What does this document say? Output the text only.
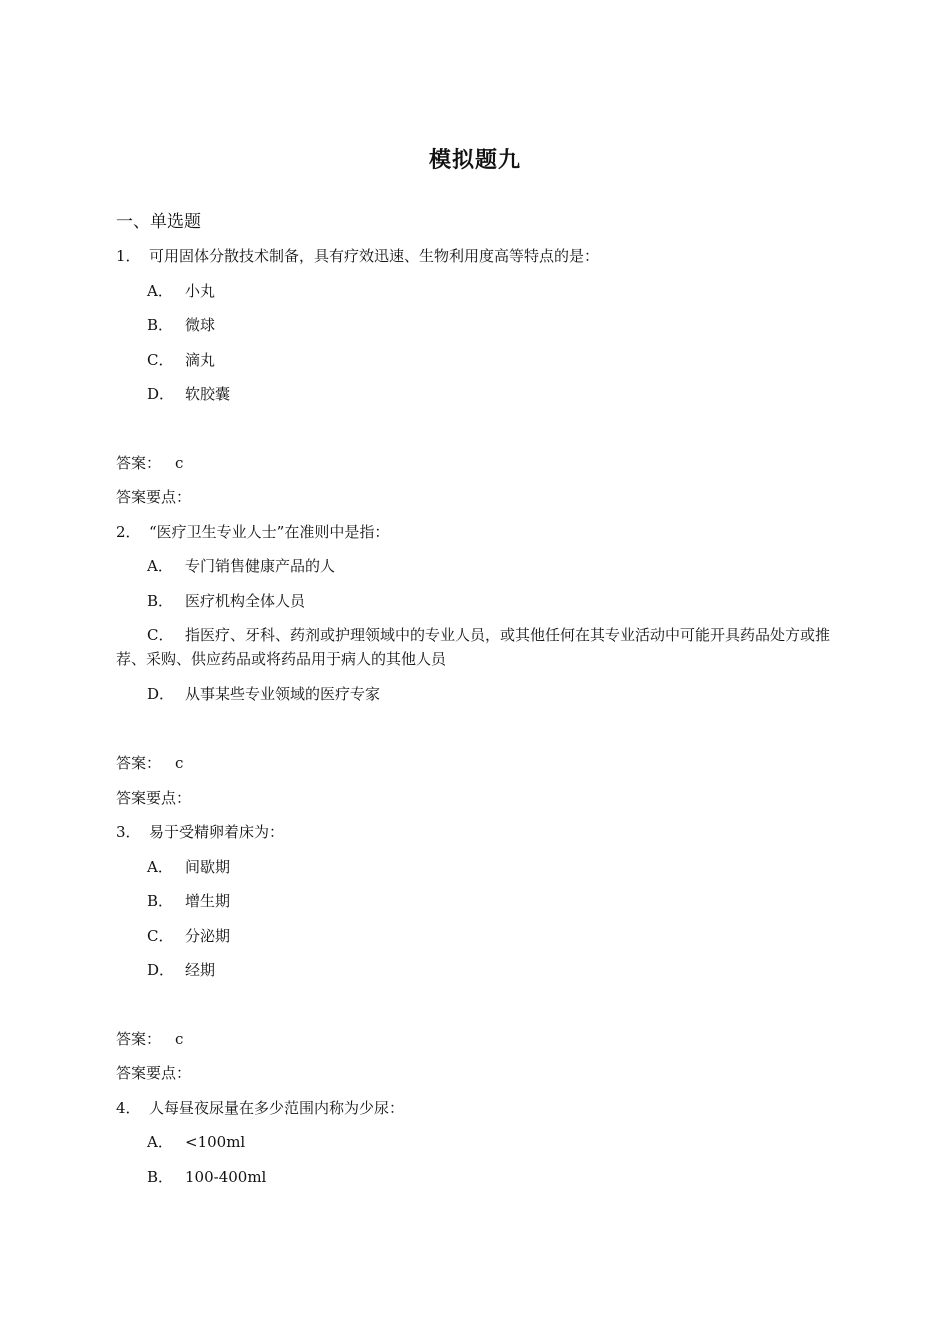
模拟题九
一、单选题
1． 可用固体分散技术制备，具有疗效迅速、生物利用度高等特点的是：
A． 小丸
B． 微球
C． 滴丸
D． 软胶囊
答案： c
答案要点：
2． “医疗卫生专业人士”在准则中是指：
A． 专门销售健康产品的人
B． 医疗机构全体人员
C． 指医疗、牙科、药剂或护理领域中的专业人员，或其他任何在其专业活动中可能开具药品处方或推荐、采购、供应药品或将药品用于病人的其他人员
D． 从事某些专业领域的医疗专家
答案： c
答案要点：
3． 易于受精卵着床为：
A． 间歇期
B． 增生期
C． 分泌期
D． 经期
答案： c
答案要点：
4． 人每昼夜尿量在多少范围内称为少尿：
A． <100ml
B． 100-400ml
